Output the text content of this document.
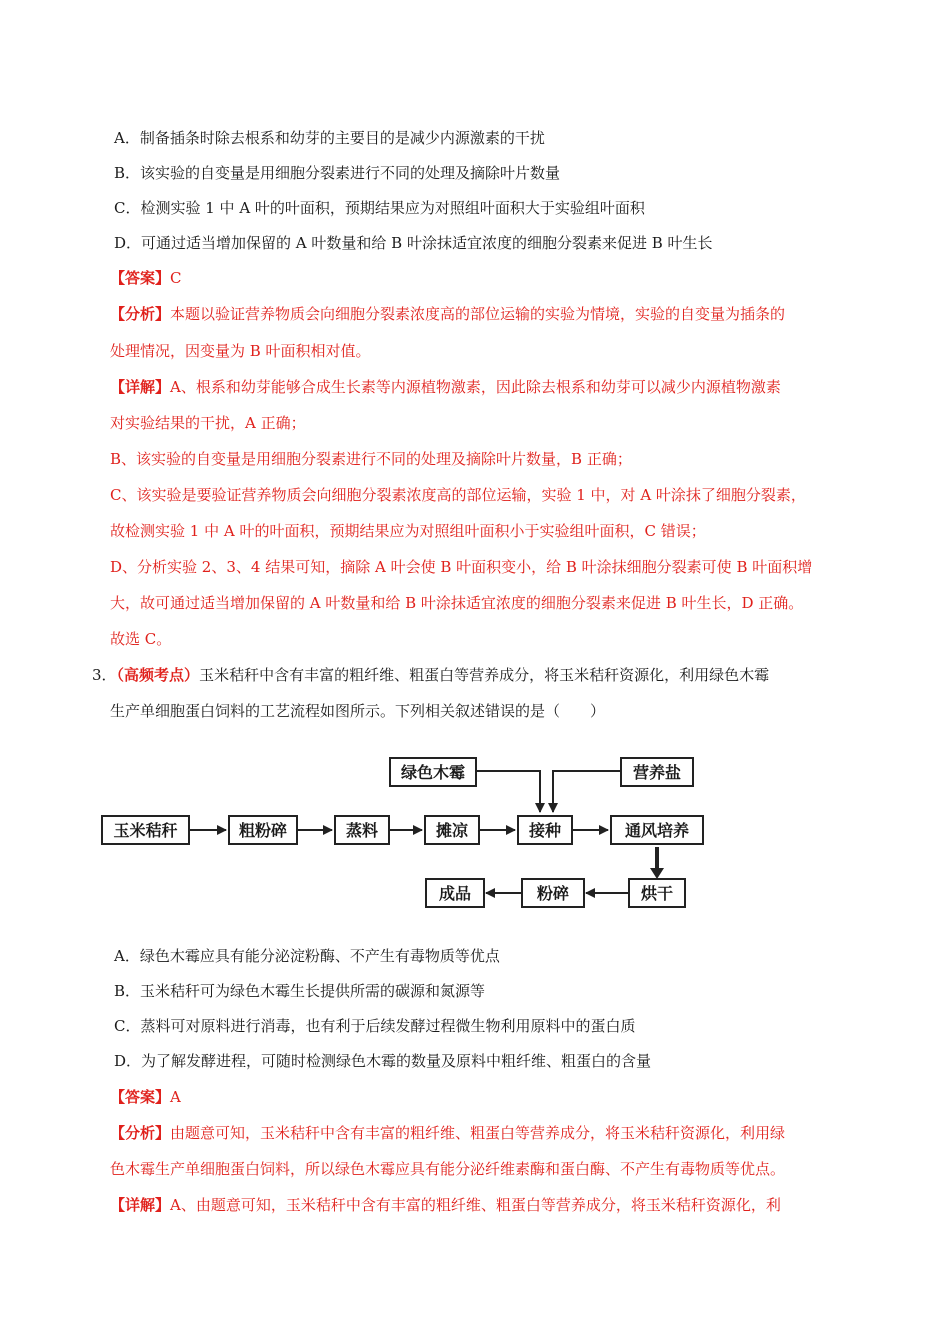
A．制备插条时除去根系和幼芽的主要目的是减少内源激素的干扰
B．该实验的自变量是用细胞分裂素进行不同的处理及摘除叶片数量
C．检测实验 1 中 A 叶的叶面积，预期结果应为对照组叶面积大于实验组叶面积
D．可通过适当增加保留的 A 叶数量和给 B 叶涂抹适宜浓度的细胞分裂素来促进 B 叶生长
【答案】C
【分析】本题以验证营养物质会向细胞分裂素浓度高的部位运输的实验为情境，实验的自变量为插条的
处理情况，因变量为 B 叶面积相对值。
【详解】A、根系和幼芽能够合成生长素等内源植物激素，因此除去根系和幼芽可以减少内源植物激素
对实验结果的干扰，A 正确；
B、该实验的自变量是用细胞分裂素进行不同的处理及摘除叶片数量，B 正确；
C、该实验是要验证营养物质会向细胞分裂素浓度高的部位运输，实验 1 中，对 A 叶涂抹了细胞分裂素，
故检测实验 1 中 A 叶的叶面积，预期结果应为对照组叶面积小于实验组叶面积，C 错误；
D、分析实验 2、3、4 结果可知，摘除 A 叶会使 B 叶面积变小，给 B 叶涂抹细胞分裂素可使 B 叶面积增
大，故可通过适当增加保留的 A 叶数量和给 B 叶涂抹适宜浓度的细胞分裂素来促进 B 叶生长，D 正确。
故选 C。
3．（高频考点）玉米秸秆中含有丰富的粗纤维、粗蛋白等营养成分，将玉米秸秆资源化，利用绿色木霉
生产单细胞蛋白饲料的工艺流程如图所示。下列相关叙述错误的是（　　）
绿色木霉	营养盐
玉米秸秆	粗粉碎	蒸料	摊凉	接种	通风培养
烘干
粉碎
成品
A．绿色木霉应具有能分泌淀粉酶、不产生有毒物质等优点
B．玉米秸秆可为绿色木霉生长提供所需的碳源和氮源等
C．蒸料可对原料进行消毒，也有利于后续发酵过程微生物利用原料中的蛋白质
D．为了解发酵进程，可随时检测绿色木霉的数量及原料中粗纤维、粗蛋白的含量
【答案】A
【分析】由题意可知，玉米秸秆中含有丰富的粗纤维、粗蛋白等营养成分，将玉米秸秆资源化，利用绿
色木霉生产单细胞蛋白饲料，所以绿色木霉应具有能分泌纤维素酶和蛋白酶、不产生有毒物质等优点。
【详解】A、由题意可知，玉米秸秆中含有丰富的粗纤维、粗蛋白等营养成分，将玉米秸秆资源化，利
